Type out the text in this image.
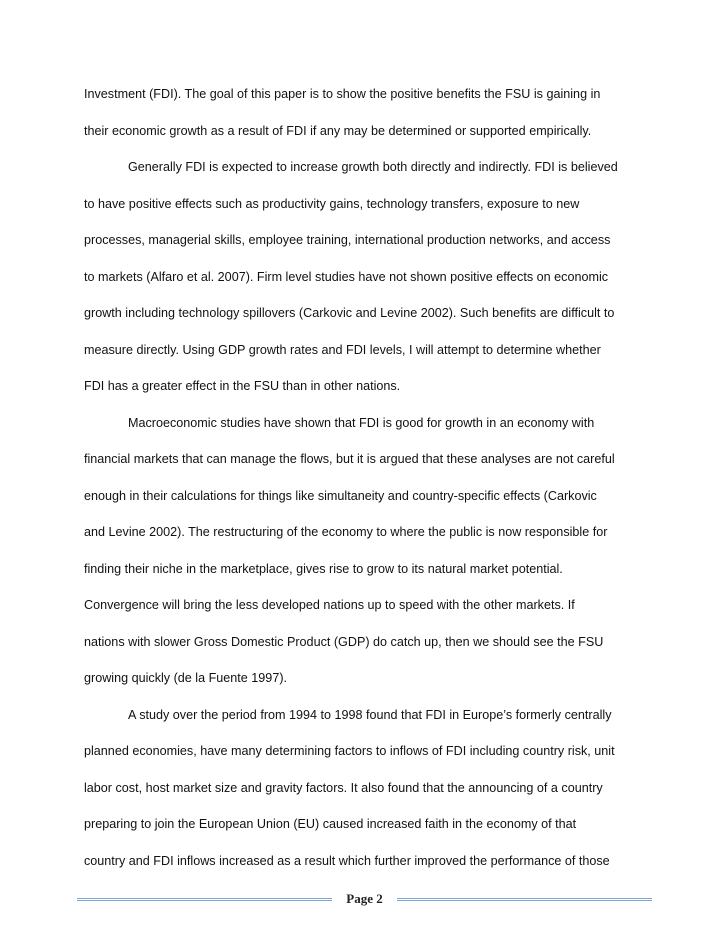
Investment (FDI). The goal of this paper is to show the positive benefits the FSU is gaining in
their economic growth as a result of FDI if any may be determined or supported empirically.
Generally FDI is expected to increase growth both directly and indirectly. FDI is believed
to have positive effects such as productivity gains, technology transfers, exposure to new
processes, managerial skills, employee training, international production networks, and access
to markets (Alfaro et al. 2007). Firm level studies have not shown positive effects on economic
growth including technology spillovers (Carkovic and Levine 2002). Such benefits are difficult to
measure directly. Using GDP growth rates and FDI levels, I will attempt to determine whether
FDI has a greater effect in the FSU than in other nations.
Macroeconomic studies have shown that FDI is good for growth in an economy with
financial markets that can manage the flows, but it is argued that these analyses are not careful
enough in their calculations for things like simultaneity and country-specific effects (Carkovic
and Levine 2002). The restructuring of the economy to where the public is now responsible for
finding their niche in the marketplace, gives rise to grow to its natural market potential.
Convergence will bring the less developed nations up to speed with the other markets. If
nations with slower Gross Domestic Product (GDP) do catch up, then we should see the FSU
growing quickly (de la Fuente 1997).
A study over the period from 1994 to 1998 found that FDI in Europe’s formerly centrally
planned economies, have many determining factors to inflows of FDI including country risk, unit
labor cost, host market size and gravity factors. It also found that the announcing of a country
preparing to join the European Union (EU) caused increased faith in the economy of that
country and FDI inflows increased as a result which further improved the performance of those
Page 2
